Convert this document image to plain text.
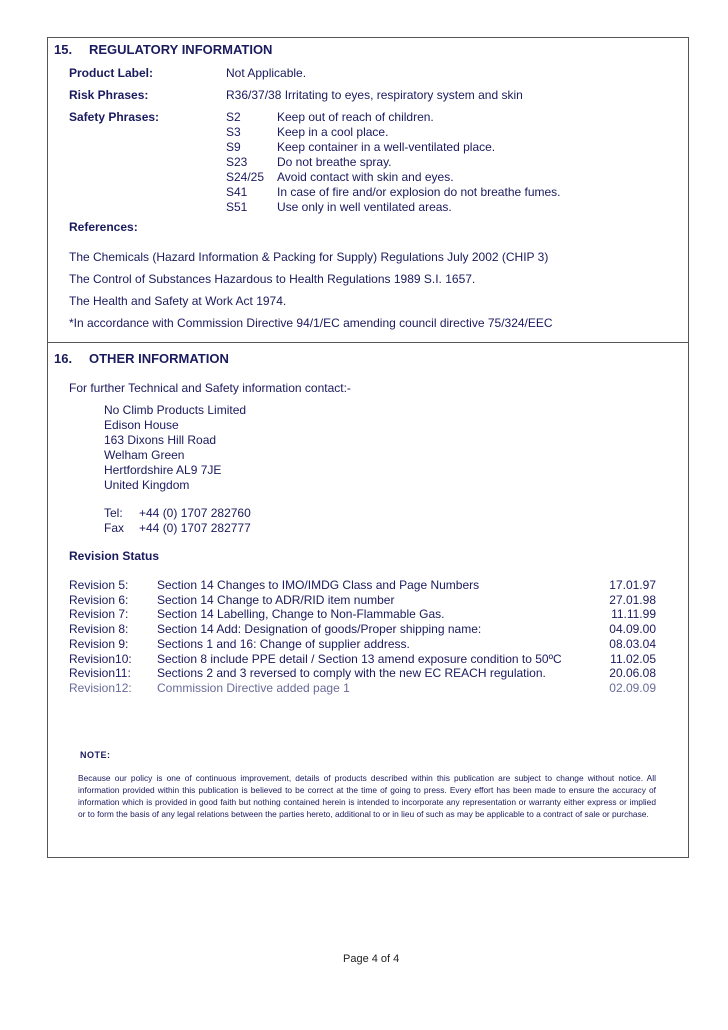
15. REGULATORY INFORMATION
Product Label:	Not Applicable.
Risk Phrases:	R36/37/38 Irritating to eyes, respiratory system and skin
Safety Phrases:	S2	Keep out of reach of children.
S3	Keep in a cool place.
S9	Keep container in a well-ventilated place.
S23 Do not breathe spray.
S24/25 Avoid contact with skin and eyes.
S41 In case of fire and/or explosion do not breathe fumes.
S51 Use only in well ventilated areas.
References:
The Chemicals (Hazard Information & Packing for Supply) Regulations July 2002 (CHIP 3)
The Control of Substances Hazardous to Health Regulations 1989 S.I. 1657.
The Health and Safety at Work Act 1974.
*In accordance with Commission Directive 94/1/EC amending council directive 75/324/EEC
16. OTHER INFORMATION
For further Technical and Safety information contact:-
No Climb Products Limited
Edison House
163 Dixons Hill Road
Welham Green
Hertfordshire AL9 7JE
United Kingdom
Tel: +44 (0) 1707 282760
Fax +44 (0) 1707 282777
Revision Status
Revision 5: Section 14 Changes to IMO/IMDG Class and Page Numbers	17.01.97
Revision 6: Section 14 Change to ADR/RID item number	27.01.98
Revision 7: Section 14 Labelling, Change to Non-Flammable Gas.	11.11.99
Revision 8: Section 14 Add: Designation of goods/Proper shipping name:	04.09.00
Revision 9: Sections 1 and 16: Change of supplier address.	08.03.04
Revision10: Section 8 include PPE detail / Section 13 amend exposure condition to 50ºC	11.02.05
Revision11: Sections 2 and 3 reversed to comply with the new EC REACH regulation.	20.06.08
Revision12: Commission Directive added page 1	02.09.09
NOTE:
Because our policy is one of continuous improvement, details of products described within this publication are subject to change without notice. All information provided within this publication is believed to be correct at the time of going to press. Every effort has been made to ensure the accuracy of information which is provided in good faith but nothing contained herein is intended to incorporate any representation or warranty either express or implied or to form the basis of any legal relations between the parties hereto, additional to or in lieu of such as may be applicable to a contract of sale or purchase.
Page 4 of 4
